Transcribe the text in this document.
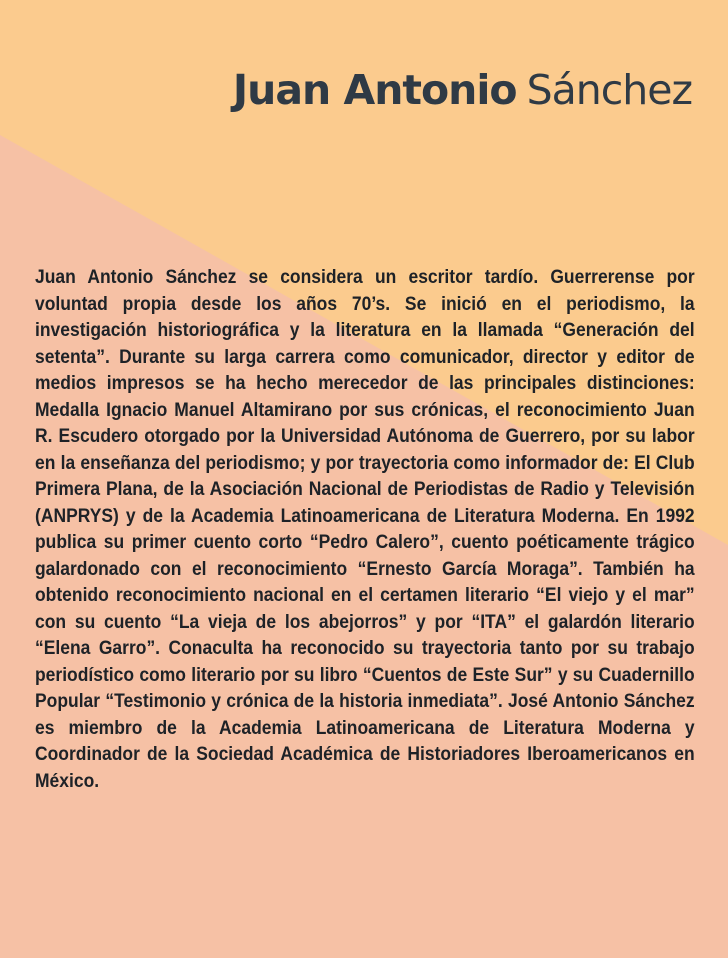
Juan Antonio Sánchez

Juan Antonio Sánchez se considera un escritor tardío. Guerrerense por voluntad propia desde los años 70’s. Se inició en el periodismo, la investigación historiográfica y la literatura en la llamada “Generación del setenta”. Durante su larga carrera como comunicador, director y editor de medios impresos se ha hecho merecedor de las principales distinciones: Medalla Ignacio Manuel Altamirano por sus crónicas, el reconocimiento Juan R. Escudero otorgado por la Universidad Autónoma de Guerrero, por su labor en la enseñanza del periodismo; y por trayectoria como informador de: El Club Primera Plana, de la Asociación Nacional de Periodistas de Radio y Televisión (ANPRYS) y de la Academia Latinoamericana de Literatura Moderna. En 1992 publica su primer cuento corto “Pedro Calero”, cuento poéticamente trágico galardonado con el reconocimiento “Ernesto García Moraga”. También ha obtenido reconocimiento nacional en el certamen literario “El viejo y el mar” con su cuento “La vieja de los abejorros” y por “ITA” el galardón literario “Elena Garro”. Conaculta ha reconocido su trayectoria tanto por su trabajo periodístico como literario por su libro “Cuentos de Este Sur” y su Cuadernillo Popular “Testimonio y crónica de la historia inmediata”. José Antonio Sánchez es miembro de la Academia Latinoamericana de Literatura Moderna y Coordinador de la Sociedad Académica de Historiadores Iberoamericanos en México.
